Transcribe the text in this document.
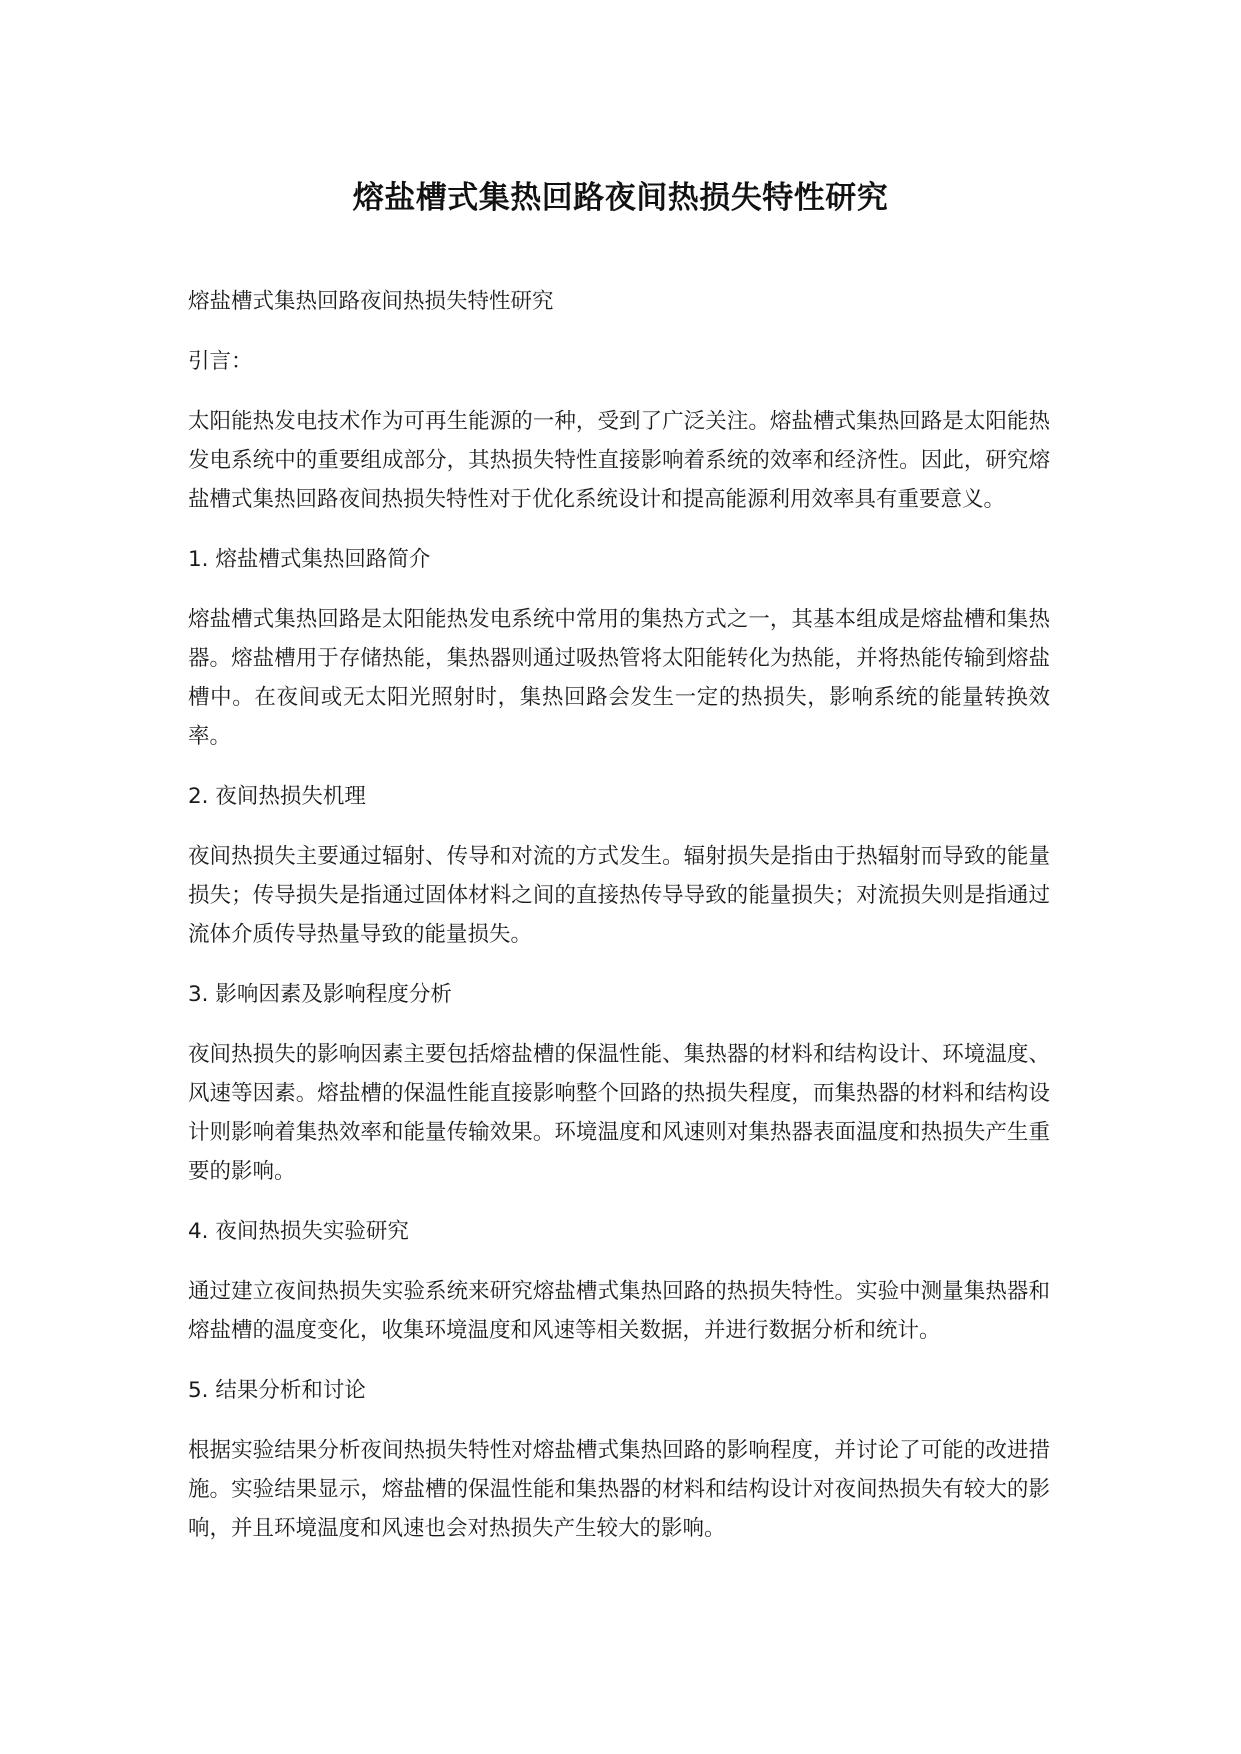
熔盐槽式集热回路夜间热损失特性研究

熔盐槽式集热回路夜间热损失特性研究

引言：

太阳能热发电技术作为可再生能源的一种，受到了广泛关注。熔盐槽式集热回路是太阳能热发电系统中的重要组成部分，其热损失特性直接影响着系统的效率和经济性。因此，研究熔盐槽式集热回路夜间热损失特性对于优化系统设计和提高能源利用效率具有重要意义。

1. 熔盐槽式集热回路简介

熔盐槽式集热回路是太阳能热发电系统中常用的集热方式之一，其基本组成是熔盐槽和集热器。熔盐槽用于存储热能，集热器则通过吸热管将太阳能转化为热能，并将热能传输到熔盐槽中。在夜间或无太阳光照射时，集热回路会发生一定的热损失，影响系统的能量转换效率。

2. 夜间热损失机理

夜间热损失主要通过辐射、传导和对流的方式发生。辐射损失是指由于热辐射而导致的能量损失；传导损失是指通过固体材料之间的直接热传导导致的能量损失；对流损失则是指通过流体介质传导热量导致的能量损失。

3. 影响因素及影响程度分析

夜间热损失的影响因素主要包括熔盐槽的保温性能、集热器的材料和结构设计、环境温度、风速等因素。熔盐槽的保温性能直接影响整个回路的热损失程度，而集热器的材料和结构设计则影响着集热效率和能量传输效果。环境温度和风速则对集热器表面温度和热损失产生重要的影响。

4. 夜间热损失实验研究

通过建立夜间热损失实验系统来研究熔盐槽式集热回路的热损失特性。实验中测量集热器和熔盐槽的温度变化，收集环境温度和风速等相关数据，并进行数据分析和统计。

5. 结果分析和讨论

根据实验结果分析夜间热损失特性对熔盐槽式集热回路的影响程度，并讨论了可能的改进措施。实验结果显示，熔盐槽的保温性能和集热器的材料和结构设计对夜间热损失有较大的影响，并且环境温度和风速也会对热损失产生较大的影响。
